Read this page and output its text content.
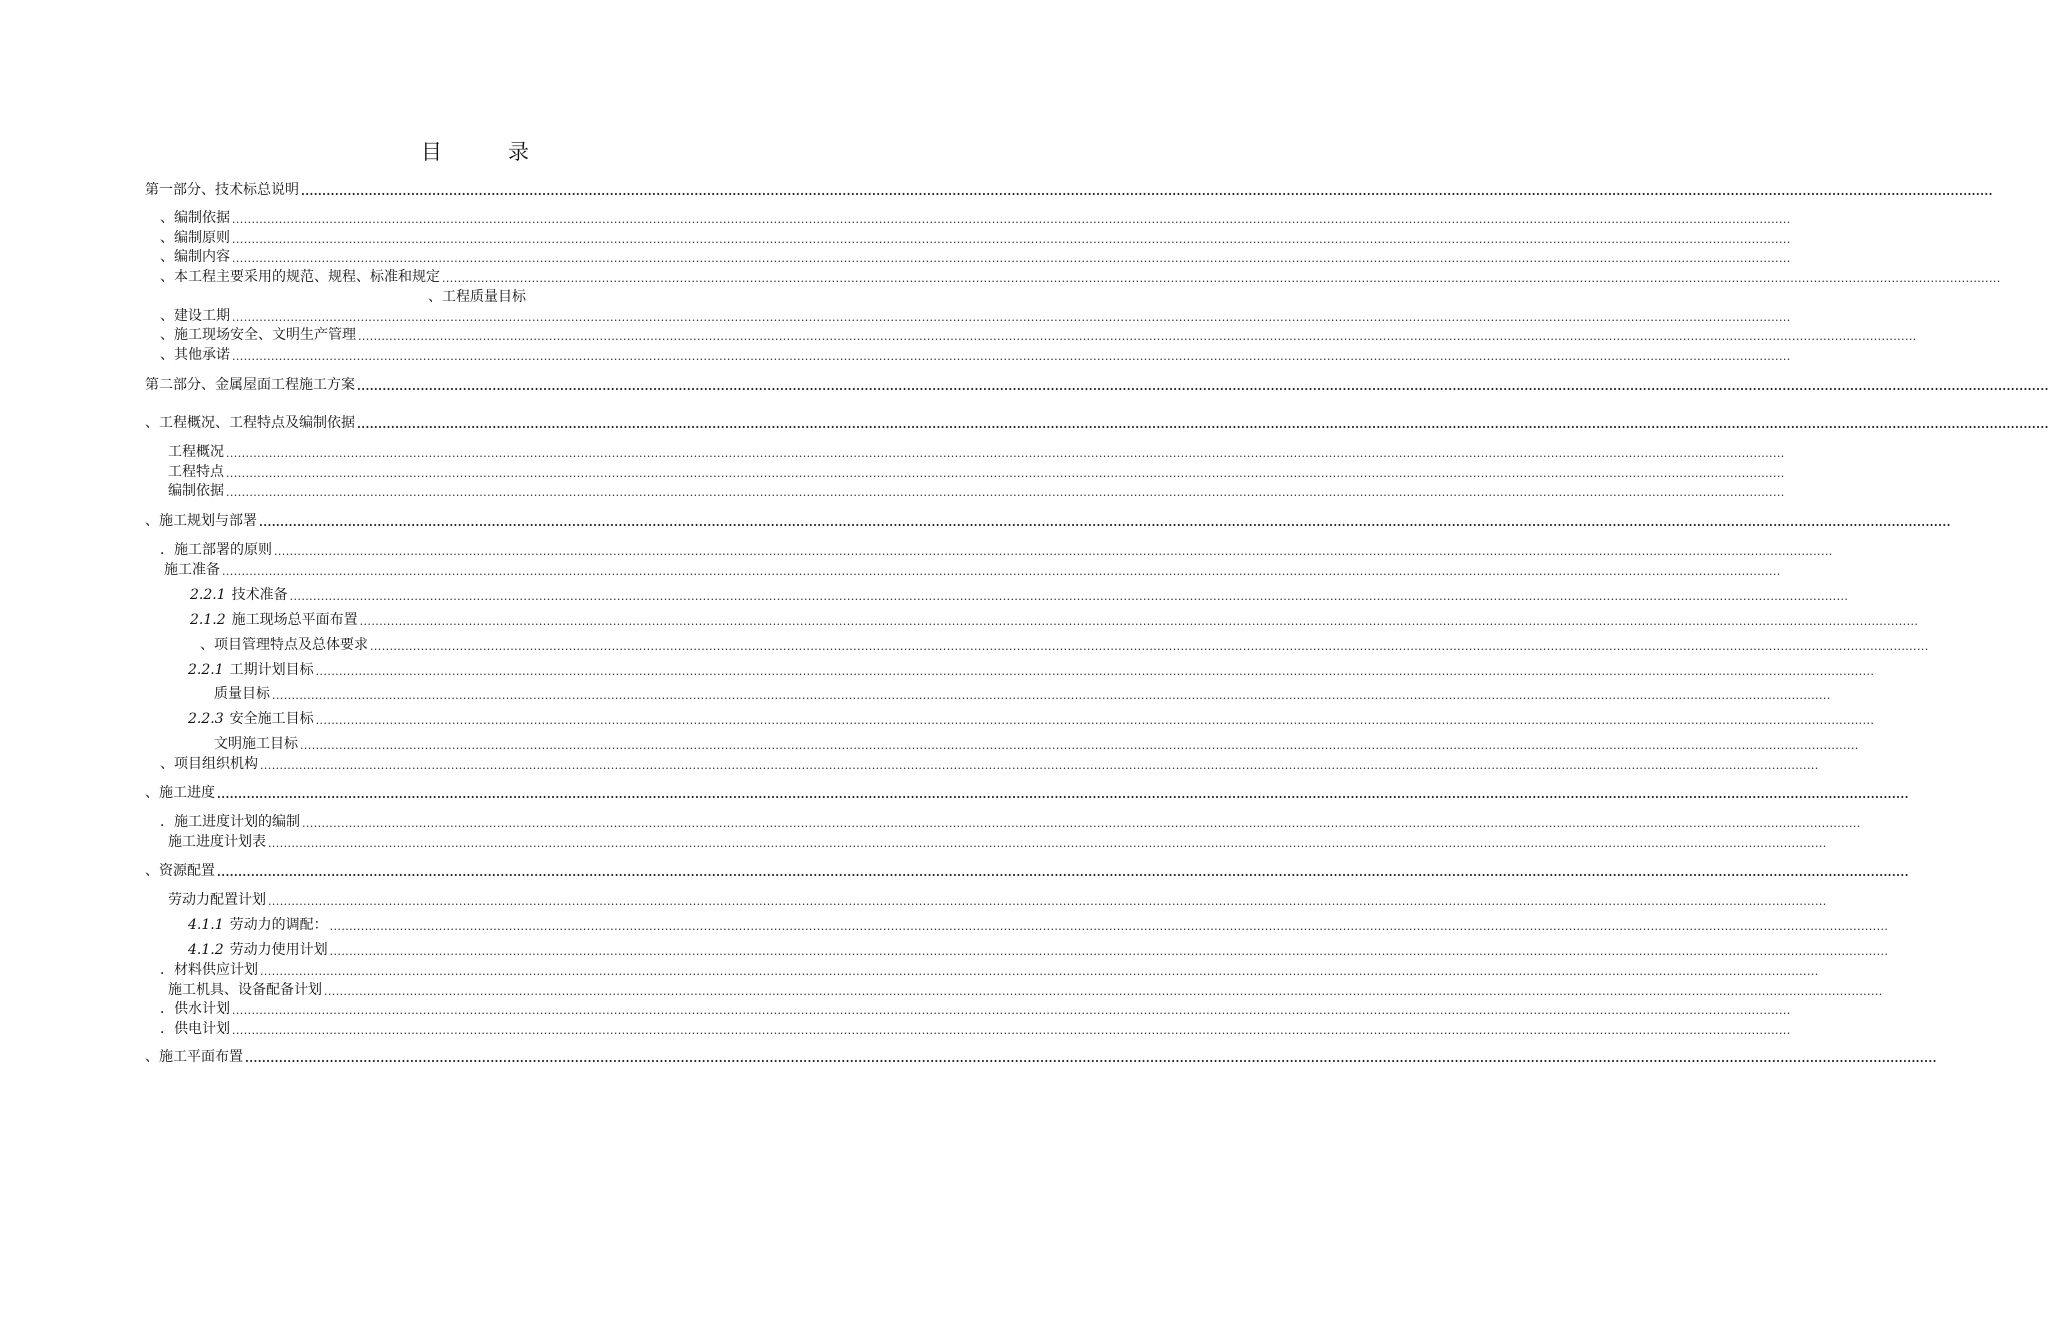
目	录
第一部分、技术标总说明 ................................................................................................................................................................................................................................................................................................................................................................................................................
、编制依据 ................................................................................................................................................................................................................................................................................................................................................................................................................
、编制原则 ................................................................................................................................................................................................................................................................................................................................................................................................................
、编制内容 ................................................................................................................................................................................................................................................................................................................................................................................................................
、本工程主要采用的规范、规程、标准和规定 ................................................................................................................................................................................................................................................................................................................................................................................................................
、工程质量目标
、建设工期 ................................................................................................................................................................................................................................................................................................................................................................................................................
、施工现场安全、文明生产管理 ................................................................................................................................................................................................................................................................................................................................................................................................................
、其他承诺 ................................................................................................................................................................................................................................................................................................................................................................................................................
第二部分、金属屋面工程施工方案 ................................................................................................................................................................................................................................................................................................................................................................................................................
、工程概况、工程特点及编制依据 ................................................................................................................................................................................................................................................................................................................................................................................................................
工程概况 ................................................................................................................................................................................................................................................................................................................................................................................................................
工程特点 ................................................................................................................................................................................................................................................................................................................................................................................................................
编制依据 ................................................................................................................................................................................................................................................................................................................................................................................................................
、施工规划与部署 ................................................................................................................................................................................................................................................................................................................................................................................................................
．施工部署的原则 ................................................................................................................................................................................................................................................................................................................................................................................................................
施工准备 ................................................................................................................................................................................................................................................................................................................................................................................................................
2.2.1 技术准备 ................................................................................................................................................................................................................................................................................................................................................................................................................
2.1.2 施工现场总平面布置 ................................................................................................................................................................................................................................................................................................................................................................................................................
、项目管理特点及总体要求 ................................................................................................................................................................................................................................................................................................................................................................................................................
2.2.1 工期计划目标 ................................................................................................................................................................................................................................................................................................................................................................................................................
质量目标 ................................................................................................................................................................................................................................................................................................................................................................................................................
2.2.3 安全施工目标 ................................................................................................................................................................................................................................................................................................................................................................................................................
文明施工目标 ................................................................................................................................................................................................................................................................................................................................................................................................................
、项目组织机构 ................................................................................................................................................................................................................................................................................................................................................................................................................
、施工进度 ................................................................................................................................................................................................................................................................................................................................................................................................................
．施工进度计划的编制 ................................................................................................................................................................................................................................................................................................................................................................................................................
施工进度计划表 ................................................................................................................................................................................................................................................................................................................................................................................................................
、资源配置 ................................................................................................................................................................................................................................................................................................................................................................................................................
劳动力配置计划 ................................................................................................................................................................................................................................................................................................................................................................................................................
4.1.1 劳动力的调配： ................................................................................................................................................................................................................................................................................................................................................................................................................
4.1.2 劳动力使用计划 ................................................................................................................................................................................................................................................................................................................................................................................................................
．材料供应计划 ................................................................................................................................................................................................................................................................................................................................................................................................................
施工机具、设备配备计划 ................................................................................................................................................................................................................................................................................................................................................................................................................
．供水计划 ................................................................................................................................................................................................................................................................................................................................................................................................................
．供电计划 ................................................................................................................................................................................................................................................................................................................................................................................................................
、施工平面布置 ................................................................................................................................................................................................................................................................................................................................................................................................................
